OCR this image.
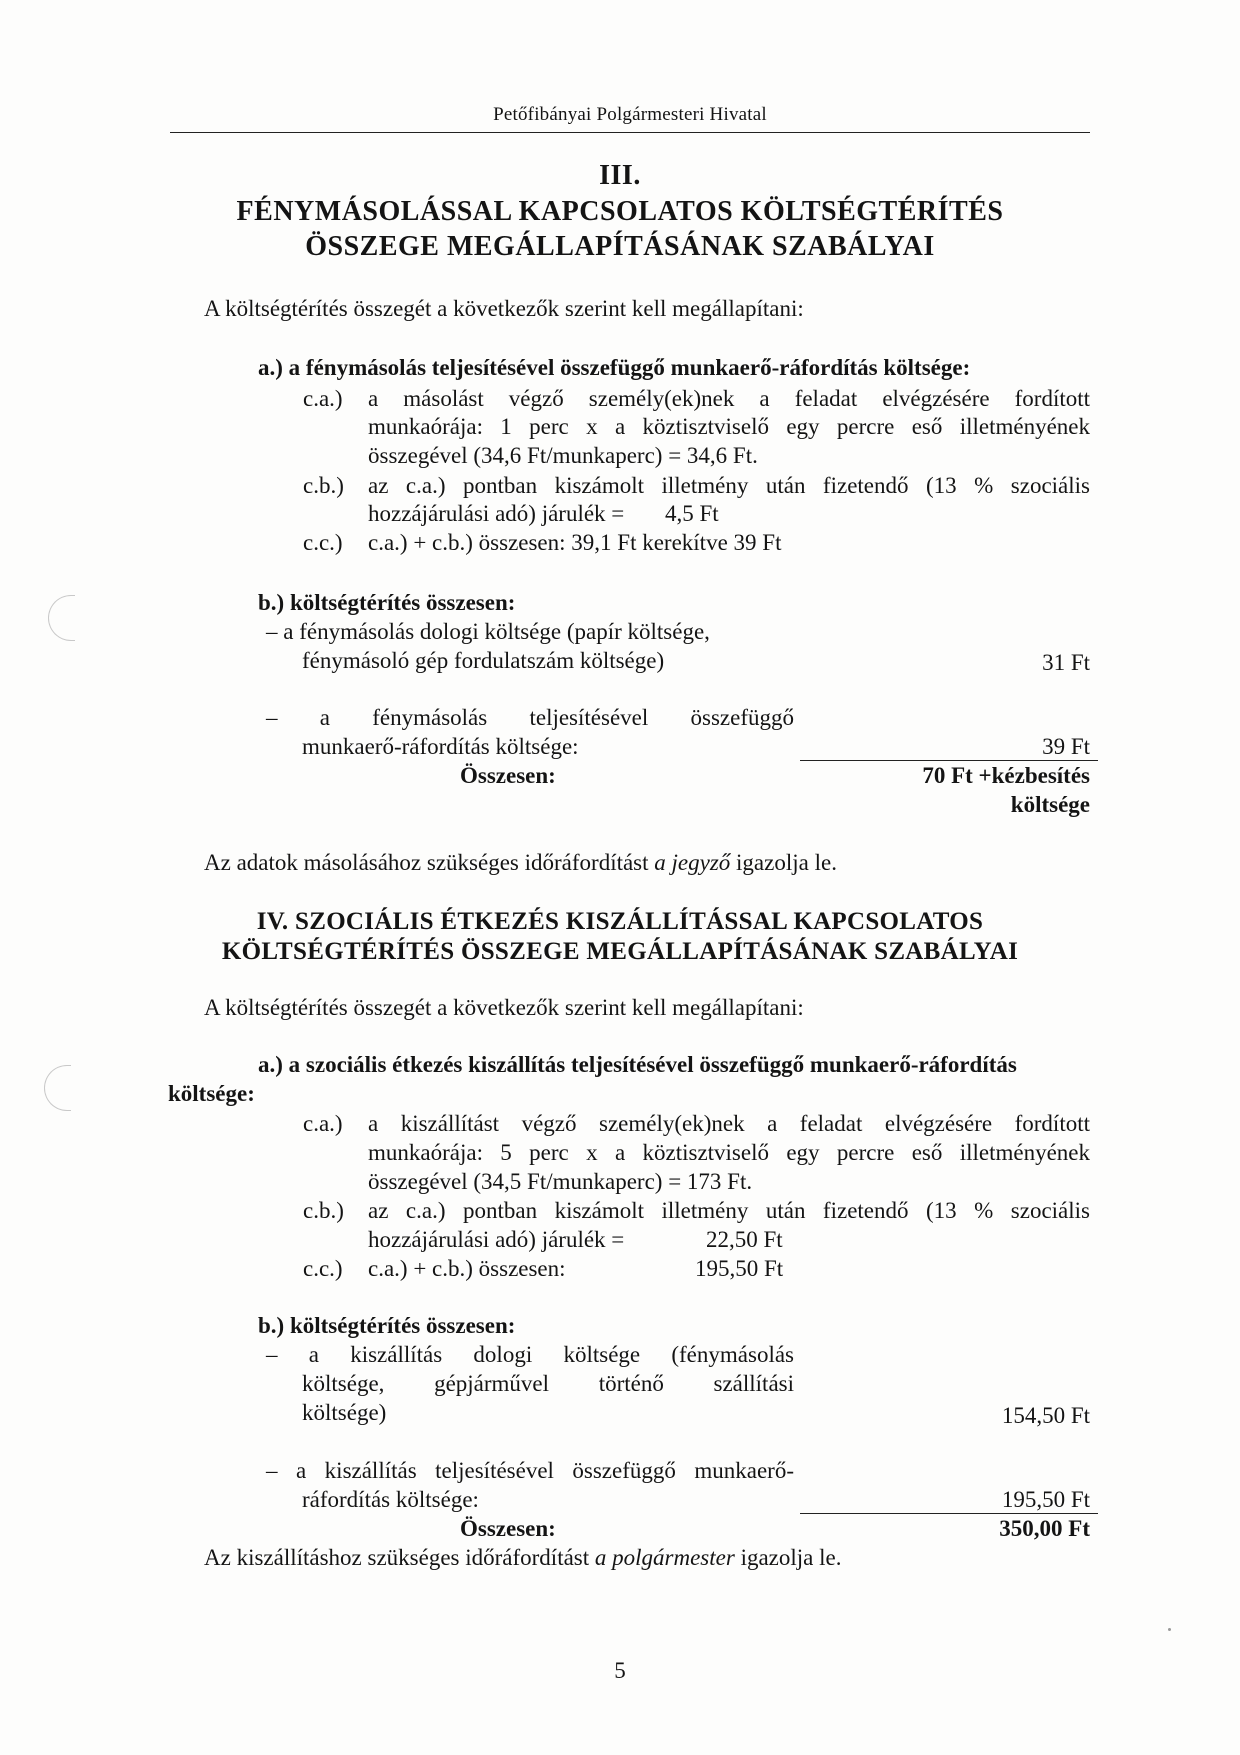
Petőfibányai Polgármesteri Hivatal
III.
FÉNYMÁSOLÁSSAL KAPCSOLATOS KÖLTSÉGTÉRÍTÉS
ÖSSZEGE MEGÁLLAPÍTÁSÁNAK SZABÁLYAI
A költségtérítés összegét a következők szerint kell megállapítani:
a.) a fénymásolás teljesítésével összefüggő munkaerő-ráfordítás költsége:
c.a.) a másolást végző személy(ek)nek a feladat elvégzésére fordított
munkaórája: 1 perc x a köztisztviselő egy percre eső illetményének
összegével (34,6 Ft/munkaperc) = 34,6 Ft.
c.b.) az c.a.) pontban kiszámolt illetmény után fizetendő (13 % szociális
hozzájárulási adó) járulék = 4,5 Ft
c.c.) c.a.) + c.b.) összesen: 39,1 Ft kerekítve 39 Ft
b.) költségtérítés összesen:
– a fénymásolás dologi költsége (papír költsége,
fénymásoló gép fordulatszám költsége)	31 Ft
– a fénymásolás teljesítésével összefüggő
munkaerő-ráfordítás költsége:	39 Ft
Összesen:	70 Ft +kézbesítés
költsége
Az adatok másolásához szükséges időráfordítást a jegyző igazolja le.
IV. SZOCIÁLIS ÉTKEZÉS KISZÁLLÍTÁSSAL KAPCSOLATOS
KÖLTSÉGTÉRÍTÉS ÖSSZEGE MEGÁLLAPÍTÁSÁNAK SZABÁLYAI
A költségtérítés összegét a következők szerint kell megállapítani:
a.) a szociális étkezés kiszállítás teljesítésével összefüggő munkaerő-ráfordítás
költsége:
c.a.) a kiszállítást végző személy(ek)nek a feladat elvégzésére fordított
munkaórája: 5 perc x a köztisztviselő egy percre eső illetményének
összegével (34,5 Ft/munkaperc) = 173 Ft.
c.b.) az c.a.) pontban kiszámolt illetmény után fizetendő (13 % szociális
hozzájárulási adó) járulék =	22,50 Ft
c.c.) c.a.) + c.b.) összesen:	195,50 Ft
b.) költségtérítés összesen:
– a kiszállítás dologi költsége (fénymásolás
költsége, gépjárművel történő szállítási
költsége)	154,50 Ft
– a kiszállítás teljesítésével összefüggő munkaerő-
ráfordítás költsége:	195,50 Ft
Összesen:	350,00 Ft
Az kiszállításhoz szükséges időráfordítást a polgármester igazolja le.
5
